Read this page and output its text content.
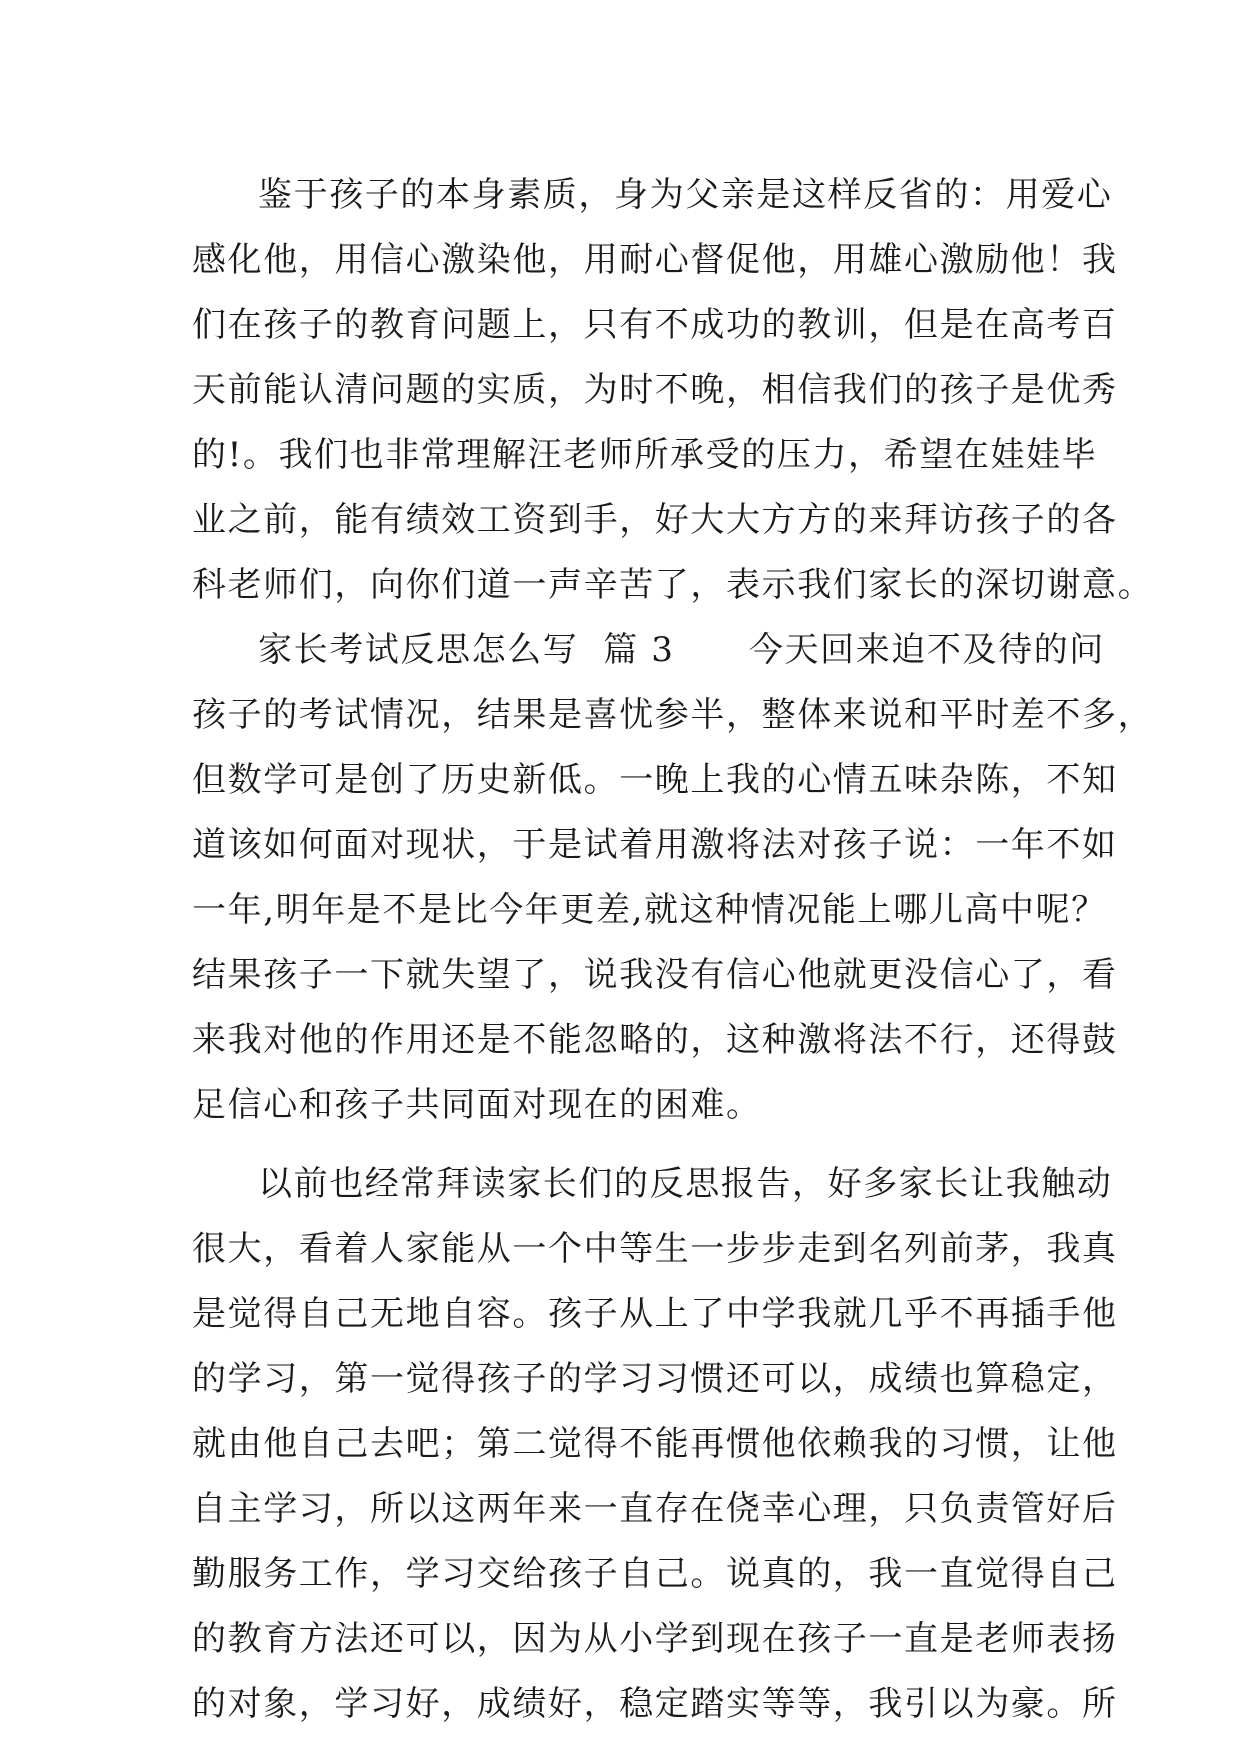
鉴于孩子的本身素质，身为父亲是这样反省的：用爱心
感化他，用信心激染他，用耐心督促他，用雄心激励他！我
们在孩子的教育问题上，只有不成功的教训，但是在高考百
天前能认清问题的实质，为时不晚，相信我们的孩子是优秀
的!。我们也非常理解汪老师所承受的压力，希望在娃娃毕
业之前，能有绩效工资到手，好大大方方的来拜访孩子的各
科老师们，向你们道一声辛苦了，表示我们家长的深切谢意。
家长考试反思怎么写  篇 3      今天回来迫不及待的问
孩子的考试情况，结果是喜忧参半，整体来说和平时差不多，
但数学可是创了历史新低。一晚上我的心情五味杂陈，不知
道该如何面对现状，于是试着用激将法对孩子说：一年不如
一年,明年是不是比今年更差,就这种情况能上哪儿高中呢？
结果孩子一下就失望了，说我没有信心他就更没信心了，看
来我对他的作用还是不能忽略的，这种激将法不行，还得鼓
足信心和孩子共同面对现在的困难。
以前也经常拜读家长们的反思报告，好多家长让我触动
很大，看着人家能从一个中等生一步步走到名列前茅，我真
是觉得自己无地自容。孩子从上了中学我就几乎不再插手他
的学习，第一觉得孩子的学习习惯还可以，成绩也算稳定，
就由他自己去吧；第二觉得不能再惯他依赖我的习惯，让他
自主学习，所以这两年来一直存在侥幸心理，只负责管好后
勤服务工作，学习交给孩子自己。说真的，我一直觉得自己
的教育方法还可以，因为从小学到现在孩子一直是老师表扬
的对象，学习好，成绩好，稳定踏实等等，我引以为豪。所
